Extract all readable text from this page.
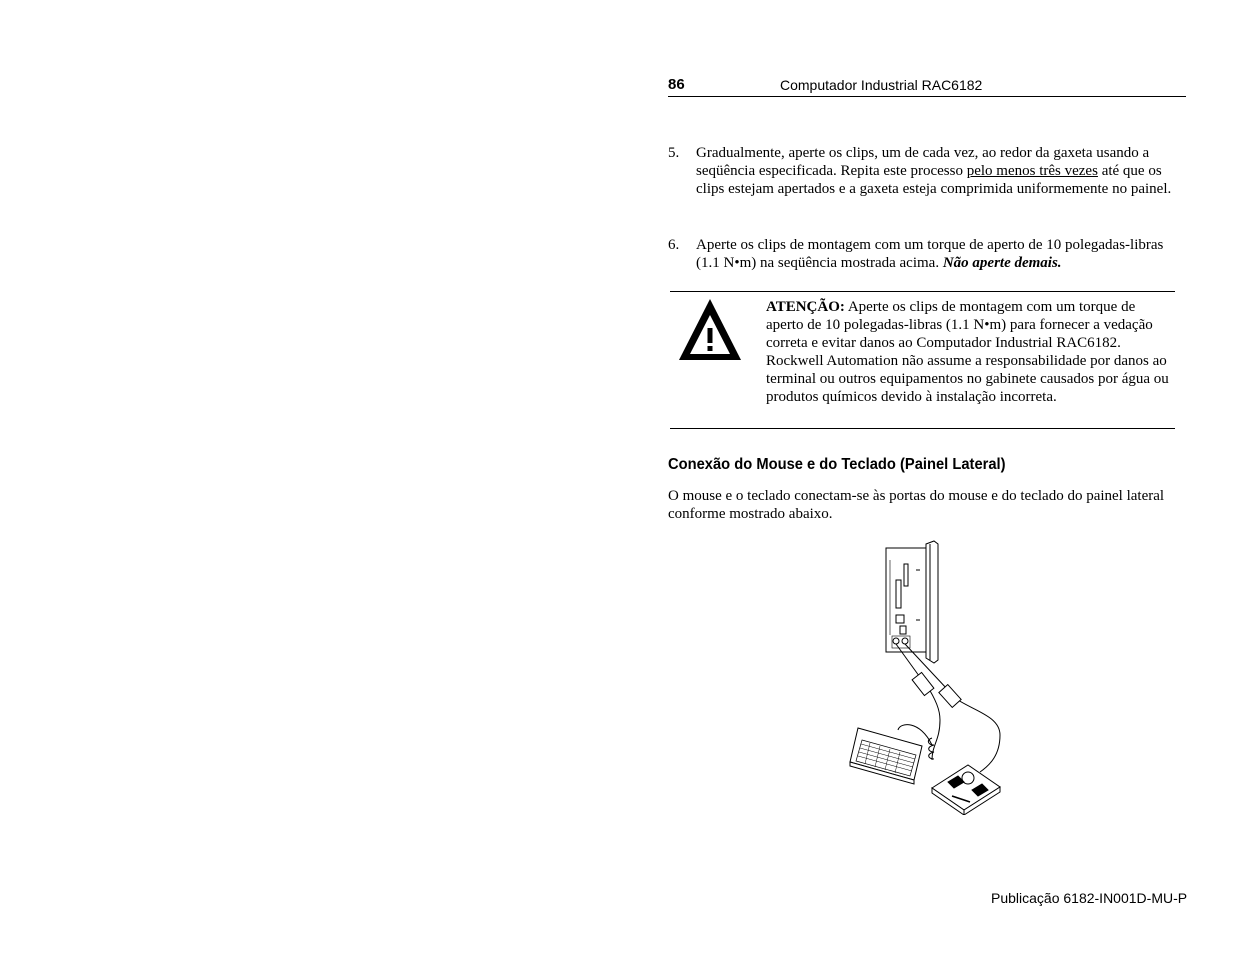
86	Computador Industrial RAC6182
5. Gradualmente, aperte os clips, um de cada vez, ao redor da gaxeta usando a seqüência especificada. Repita este processo pelo menos três vezes até que os clips estejam apertados e a gaxeta esteja comprimida uniformemente no painel.
6. Aperte os clips de montagem com um torque de aperto de 10 polegadas-libras (1.1 N•m) na seqüência mostrada acima. Não aperte demais.
ATENÇÃO: Aperte os clips de montagem com um torque de aperto de 10 polegadas-libras (1.1 N•m) para fornecer a vedação correta e evitar danos ao Computador Industrial RAC6182. Rockwell Automation não assume a responsabilidade por danos ao terminal ou outros equipamentos no gabinete causados por água ou produtos químicos devido à instalação incorreta.
Conexão do Mouse e do Teclado (Painel Lateral)
O mouse e o teclado conectam-se às portas do mouse e do teclado do painel lateral conforme mostrado abaixo.
Publicação 6182-IN001D-MU-P
